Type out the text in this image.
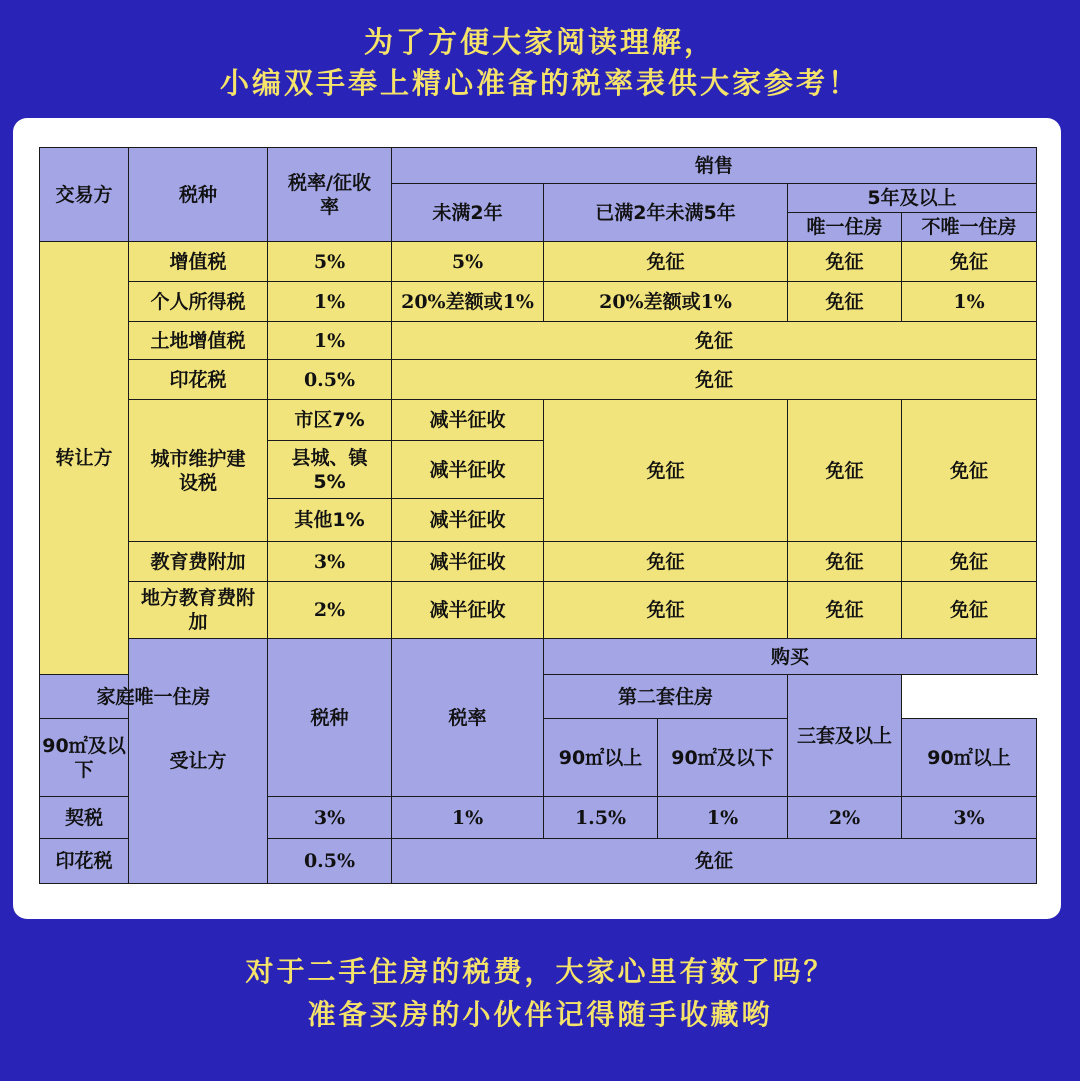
为了方便大家阅读理解，
小编双手奉上精心准备的税率表供大家参考！
交易方	税种	税率/征收率	销售				
			未满2年	已满2年未满5年		5年及以上	
						唯一住房	不唯一住房
转让方	增值税	5%	5%	免征		免征	免征
	个人所得税	1%	20%差额或1%	20%差额或1%		免征	1%
	土地增值税	1%	免征				
	印花税	0.5%	免征				
	城市维护建设税	市区7%	减半征收	免征		免征	免征
		县城、镇5%	减半征收				
		其他1%	减半征收				
	教育费附加	3%	减半征收	免征		免征	免征
	地方教育费附加	2%	减半征收	免征		免征	免征
	受让方	税种	税率	购买			
家庭唯一住房				第二套住房		三套及以上	
90㎡及以下				90㎡以上	90㎡及以下		90㎡以上
契税		3%	1%	1.5%	1%	2%	3%
印花税		0.5%	免征				
对于二手住房的税费，大家心里有数了吗？
准备买房的小伙伴记得随手收藏哟
